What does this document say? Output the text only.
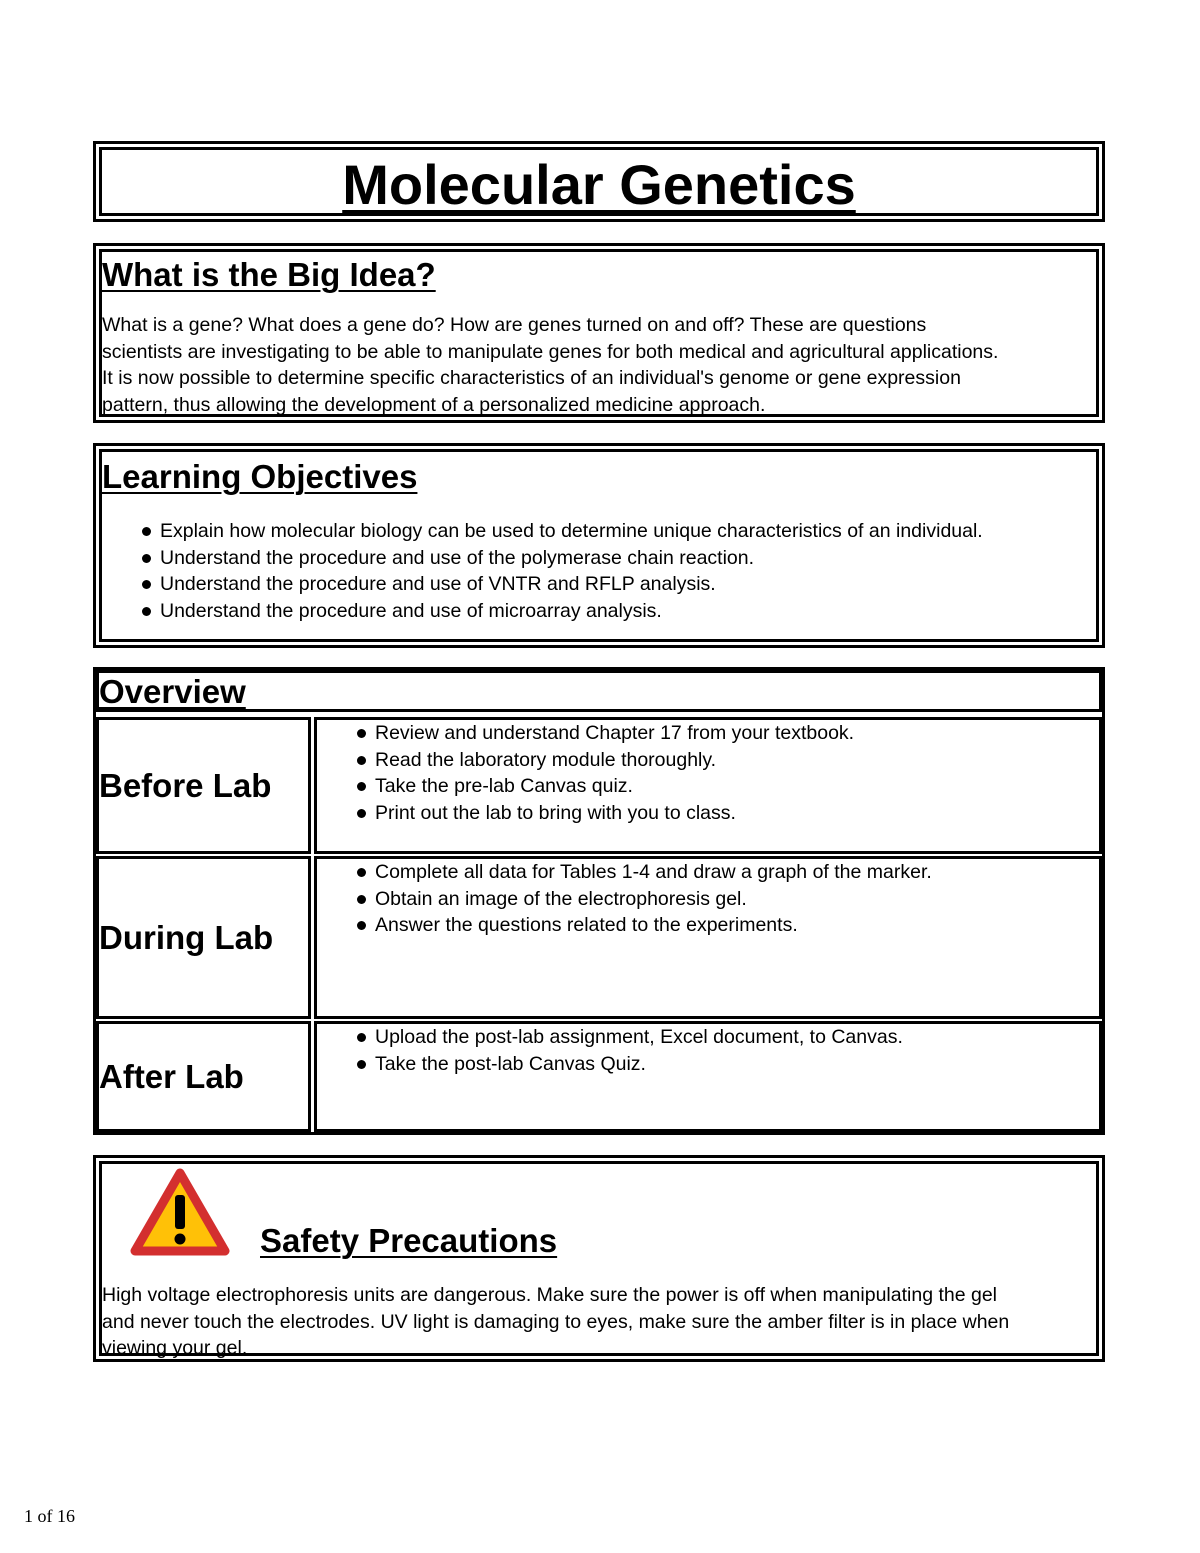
Molecular Genetics
What is the Big Idea?
What is a gene? What does a gene do? How are genes turned on and off? These are questions
scientists are investigating to be able to manipulate genes for both medical and agricultural applications.
It is now possible to determine specific characteristics of an individual's genome or gene expression
pattern, thus allowing the development of a personalized medicine approach.
Learning Objectives
Explain how molecular biology can be used to determine unique characteristics of an individual.
Understand the procedure and use of the polymerase chain reaction.
Understand the procedure and use of VNTR and RFLP analysis.
Understand the procedure and use of microarray analysis.
Overview
Before Lab
Review and understand Chapter 17 from your textbook.
Read the laboratory module thoroughly.
Take the pre-lab Canvas quiz.
Print out the lab to bring with you to class.
During Lab
Complete all data for Tables 1-4 and draw a graph of the marker.
Obtain an image of the electrophoresis gel.
Answer the questions related to the experiments.
After Lab
Upload the post-lab assignment, Excel document, to Canvas.
Take the post-lab Canvas Quiz.
Safety Precautions
High voltage electrophoresis units are dangerous. Make sure the power is off when manipulating the gel
and never touch the electrodes. UV light is damaging to eyes, make sure the amber filter is in place when
viewing your gel.
1 of 16
